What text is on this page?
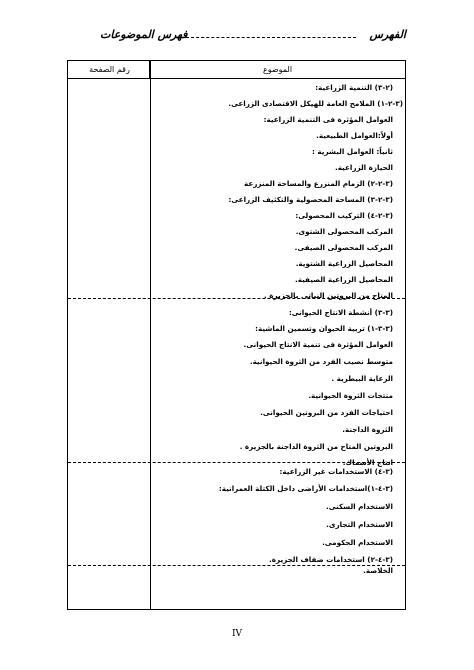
الفهرس
فهرس الموضوعات
الموضوع
رقم الصفحة
(٢-٣) التنمية الزراعية:
(٣-٢-١) الملامح العامة للهيكل الاقتصادى الزراعى.
العوامل المؤثرة فى التنمية الزراعية:
أولاً:العوامل الطبيعية.
ثانياً: العوامل البشرية :
الحيازة الزراعية.
(٣-٢-٢) الزمام المنزرع والمساحة المنزرعة
(٣-٢-٣) المساحة المحصولية والتكثيف الزراعى:
(٣-٢-٤) التركيب المحصولى:
المركب المحصولى الشتوى.
المركب المحصولى الصيفى.
المحاصيل الزراعية الشتوية.
المحاصيل الزراعية الصيفية.
المتاح من البروتين النباتى بالجزيرة .
(٣-٣) أنشطة الانتاج الحيوانى:
(٣-٣-١) تربية الحيوان وتسمين الماشية:
العوامل المؤثرة فى تنمية الانتاج الحيوانى.
متوسط نصيب الفرد من الثروة الحيوانية.
الرعاية البيطرية .
منتجات الثروة الحيوانية.
احتياجات الفرد من البروتين الحيوانى.
الثروة الداجنة.
البروتين المتاح من الثروة الداجنة بالجزيرة .
انتاج الأسماك.
(٣-٤) الاستخدامات غير الزراعية:
(٣-٤-١)استخدامات الأراضى داخل الكتلة العمرانية:
الاستخدام السكنى.
الاستخدام التجارى.
الاستخدام الحكومى.
(٣-٤-٢) استخدامات ضفاف الجزيرة.
الخلاصة.
IV
